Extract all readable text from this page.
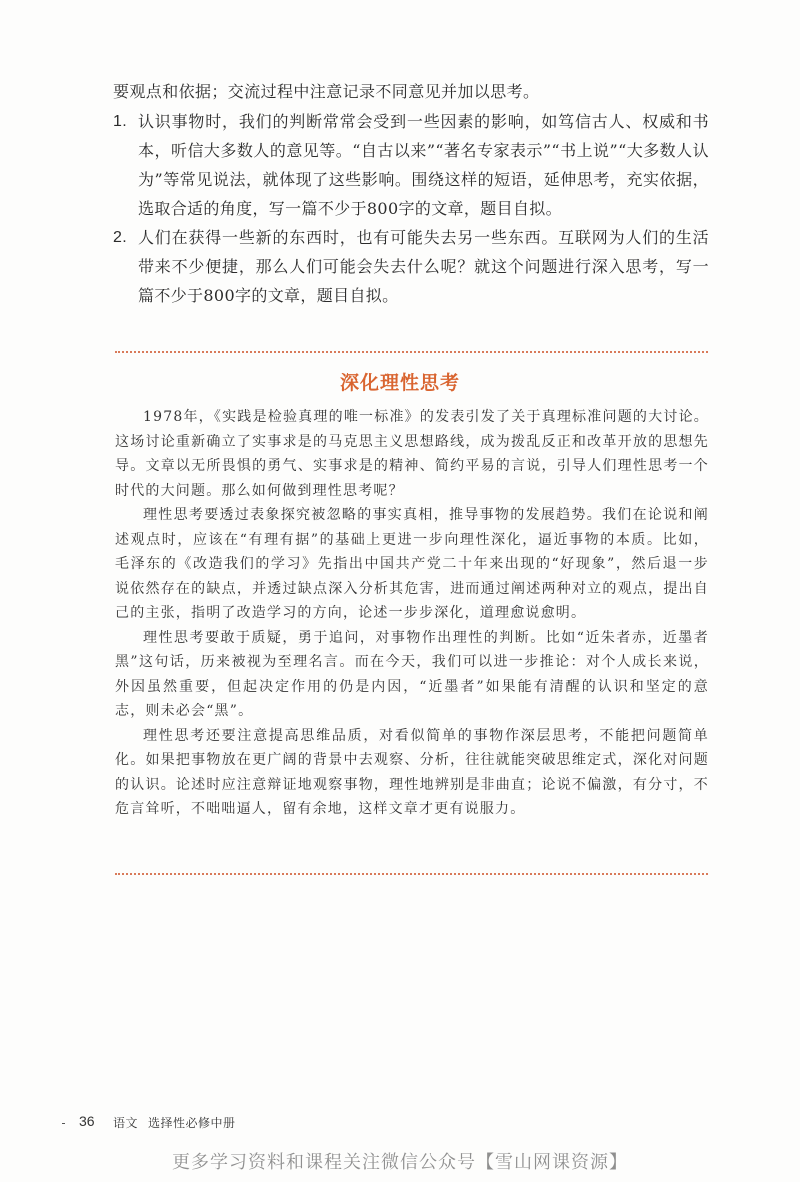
要观点和依据；交流过程中注意记录不同意见并加以思考。

1. 认识事物时，我们的判断常常会受到一些因素的影响，如笃信古人、权威和书本，听信大多数人的意见等。“自古以来”“著名专家表示”“书上说”“大多数人认为”等常见说法，就体现了这些影响。围绕这样的短语，延伸思考，充实依据，选取合适的角度，写一篇不少于800字的文章，题目自拟。
2. 人们在获得一些新的东西时，也有可能失去另一些东西。互联网为人们的生活带来不少便捷，那么人们可能会失去什么呢？就这个问题进行深入思考，写一篇不少于800字的文章，题目自拟。
深化理性思考

1978年，《实践是检验真理的唯一标准》的发表引发了关于真理标准问题的大讨论。这场讨论重新确立了实事求是的马克思主义思想路线，成为拨乱反正和改革开放的思想先导。文章以无所畏惧的勇气、实事求是的精神、简约平易的言说，引导人们理性思考一个时代的大问题。那么如何做到理性思考呢？

理性思考要透过表象探究被忽略的事实真相，推导事物的发展趋势。我们在论说和阐述观点时，应该在“有理有据”的基础上更进一步向理性深化，逼近事物的本质。比如，毛泽东的《改造我们的学习》先指出中国共产党二十年来出现的“好现象”，然后退一步说依然存在的缺点，并透过缺点深入分析其危害，进而通过阐述两种对立的观点，提出自己的主张，指明了改造学习的方向，论述一步步深化，道理愈说愈明。

理性思考要敢于质疑，勇于追问，对事物作出理性的判断。比如“近朱者赤，近墨者黑”这句话，历来被视为至理名言。而在今天，我们可以进一步推论：对个人成长来说，外因虽然重要，但起决定作用的仍是内因，“近墨者”如果能有清醒的认识和坚定的意志，则未必会“黑”。

理性思考还要注意提高思维品质，对看似简单的事物作深层思考，不能把问题简单化。如果把事物放在更广阔的背景中去观察、分析，往往就能突破思维定式，深化对问题的认识。论述时应注意辩证地观察事物，理性地辨别是非曲直；论说不偏激，有分寸，不危言耸听，不咄咄逼人，留有余地，这样文章才更有说服力。

36 语文 选择性必修中册
更多学习资料和课程关注微信公众号【雪山网课资源】
